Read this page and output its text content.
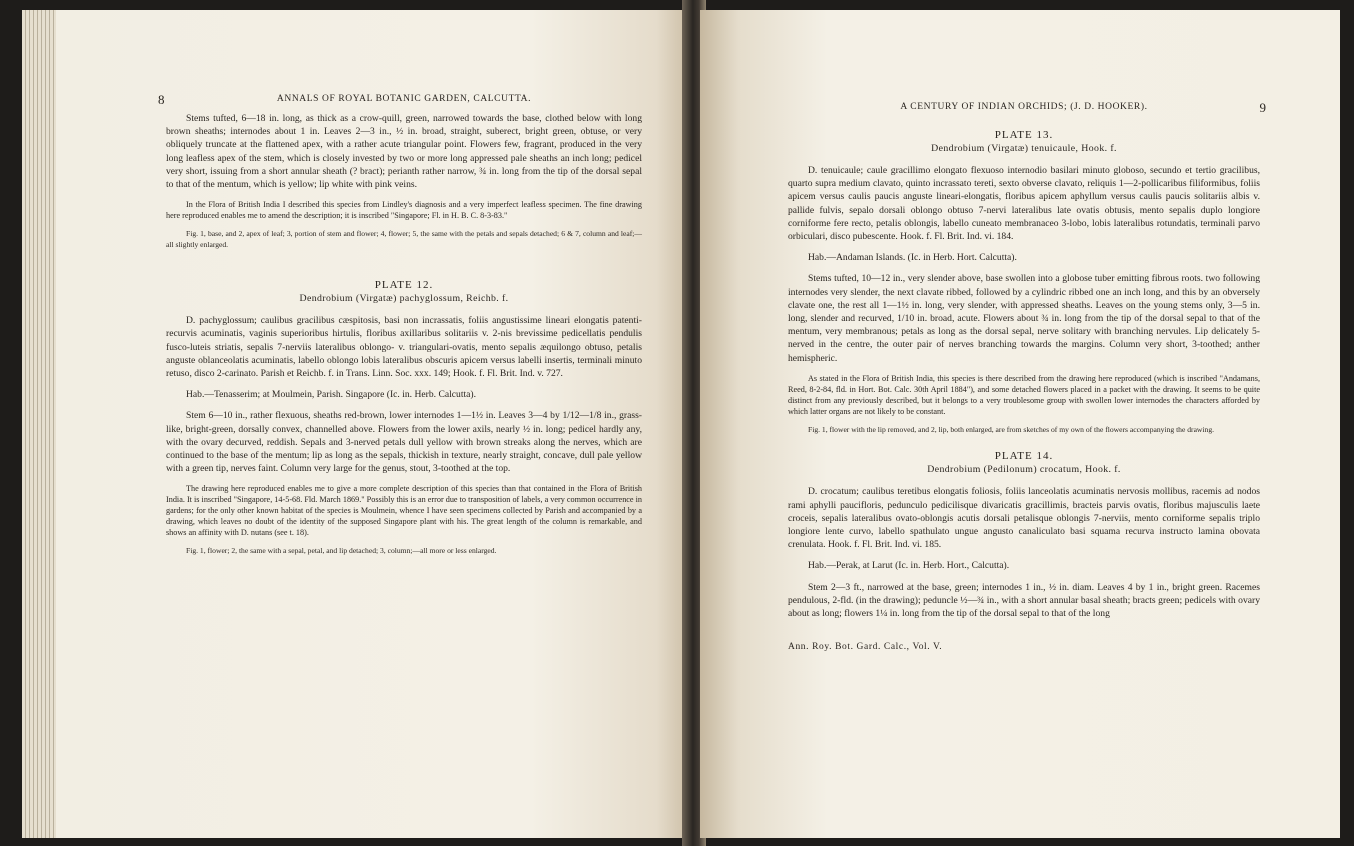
8	ANNALS OF ROYAL BOTANIC GARDEN, CALCUTTA.

Stems tufted, 6—18 in. long, as thick as a crow-quill, green, narrowed towards the base, clothed below with long brown sheaths; internodes about 1 in. Leaves 2—3 in., ½ in. broad, straight, suberect, bright green, obtuse, or very obliquely truncate at the flattened apex, with a rather acute triangular point. Flowers few, fragrant, produced in the very long leafless apex of the stem, which is closely invested by two or more long appressed pale sheaths an inch long; pedicel very short, issuing from a short annular sheath (? bract); perianth rather narrow, ¾ in. long from the tip of the dorsal sepal to that of the mentum, which is yellow; lip white with pink veins.

In the Flora of British India I described this species from Lindley's diagnosis and a very imperfect leafless specimen. The fine drawing here reproduced enables me to amend the description; it is inscribed "Singapore; Fl. in H. B. C. 8-3-83."

Fig. 1, base, and 2, apex of leaf; 3, portion of stem and flower; 4, flower; 5, the same with the petals and sepals detached; 6 & 7, column and leaf;—all slightly enlarged.

PLATE 12.
Dendrobium (Virgatæ) pachyglossum, Reichb. f.

D. pachyglossum; caulibus gracilibus cæspitosis, basi non incrassatis, foliis angustissime lineari elongatis patenti-recurvis acuminatis, vaginis superioribus hirtulis, floribus axillaribus solitariis v. 2-nis brevissime pedicellatis pendulis fusco-luteis striatis, sepalis 7-nerviis lateralibus oblongo- v. triangulari-ovatis, mento sepalis æquilongo obtuso, petalis anguste oblanceolatis acuminatis, labello oblongo lobis lateralibus obscuris apicem versus labelli insertis, terminali minuto retuso, disco 2-carinato. Parish et Reichb. f. in Trans. Linn. Soc. xxx. 149; Hook. f. Fl. Brit. Ind. v. 727.

Hab.—Tenasserim; at Moulmein, Parish. Singapore (Ic. in. Herb. Calcutta).

Stem 6—10 in., rather flexuous, sheaths red-brown, lower internodes 1—1½ in. Leaves 3—4 by 1/12—1/8 in., grass-like, bright-green, dorsally convex, channelled above. Flowers from the lower axils, nearly ½ in. long; pedicel hardly any, with the ovary decurved, reddish. Sepals and 3-nerved petals dull yellow with brown streaks along the nerves, which are continued to the base of the mentum; lip as long as the sepals, thickish in texture, nearly straight, concave, dull pale yellow with a green tip, nerves faint. Column very large for the genus, stout, 3-toothed at the top.

The drawing here reproduced enables me to give a more complete description of this species than that contained in the Flora of British India. It is inscribed "Singapore, 14-5-68. Fld. March 1869." Possibly this is an error due to transposition of labels, a very common occurrence in gardens; for the only other known habitat of the species is Moulmein, whence I have seen specimens collected by Parish and accompanied by a drawing, which leaves no doubt of the identity of the supposed Singapore plant with his. The great length of the column is remarkable, and shows an affinity with D. nutans (see t. 18).

Fig. 1, flower; 2, the same with a sepal, petal, and lip detached; 3, column;—all more or less enlarged.

A CENTURY OF INDIAN ORCHIDS; (J. D. HOOKER).	9
PLATE 13.
Dendrobium (Virgatæ) tenuicaule, Hook. f.

D. tenuicaule; caule gracillimo elongato flexuoso internodio basilari minuto globoso, secundo et tertio gracilibus, quarto supra medium clavato, quinto incrassato tereti, sexto obverse clavato, reliquis 1—2-pollicaribus filiformibus, foliis apicem versus caulis paucis anguste lineari-elongatis, floribus apicem aphyllum versus caulis paucis solitariis albis v. pallide fulvis, sepalo dorsali oblongo obtuso 7-nervi lateralibus late ovatis obtusis, mento sepalis duplo longiore corniforme fere recto, petalis oblongis, labello cuneato membranaceo 3-lobo, lobis lateralibus rotundatis, terminali parvo orbiculari, disco pubescente. Hook. f. Fl. Brit. Ind. vi. 184.

Hab.—Andaman Islands. (Ic. in Herb. Hort. Calcutta).

Stems tufted, 10—12 in., very slender above, base swollen into a globose tuber emitting fibrous roots. two following internodes very slender, the next clavate ribbed, followed by a cylindric ribbed one an inch long, and this by an obversely clavate one, the rest all 1—1½ in. long, very slender, with appressed sheaths. Leaves on the young stems only, 3—5 in. long, slender and recurved, 1/10 in. broad, acute. Flowers about ¾ in. long from the tip of the dorsal sepal to that of the mentum, very membranous; petals as long as the dorsal sepal, nerve solitary with branching nervules. Lip delicately 5-nerved in the centre, the outer pair of nerves branching towards the margins. Column very short, 3-toothed; anther hemispheric.

As stated in the Flora of British India, this species is there described from the drawing here reproduced (which is inscribed "Andamans, Reed, 8-2-84, fld. in Hort. Bot. Calc. 30th April 1884"), and some detached flowers placed in a packet with the drawing. It seems to be quite distinct from any previously described, but it belongs to a very troublesome group with swollen lower internodes the characters afforded by which latter organs are not likely to be constant.

Fig. 1, flower with the lip removed, and 2, lip, both enlarged, are from sketches of my own of the flowers accompanying the drawing.

PLATE 14.
Dendrobium (Pedilonum) crocatum, Hook. f.

D. crocatum; caulibus teretibus elongatis foliosis, foliis lanceolatis acuminatis nervosis mollibus, racemis ad nodos rami aphylli paucifloris, pedunculo pedicilisque divaricatis gracillimis, bracteis parvis ovatis, floribus majusculis laete croceis, sepalis lateralibus ovato-oblongis acutis dorsali petalisque oblongis 7-nerviis, mento corniforme sepalis triplo longiore lente curvo, labello spathulato ungue angusto canaliculato basi squama recurva instructo lamina obovata crenulata. Hook. f. Fl. Brit. Ind. vi. 185.

Hab.—Perak, at Larut (Ic. in. Herb. Hort., Calcutta).

Stem 2—3 ft., narrowed at the base, green; internodes 1 in., ½ in. diam. Leaves 4 by 1 in., bright green. Racemes pendulous, 2-fld. (in the drawing); peduncle ½—¾ in., with a short annular basal sheath; bracts green; pedicels with ovary about as long; flowers 1¼ in. long from the tip of the dorsal sepal to that of the long

Ann. Roy. Bot. Gard. Calc., Vol. V.
